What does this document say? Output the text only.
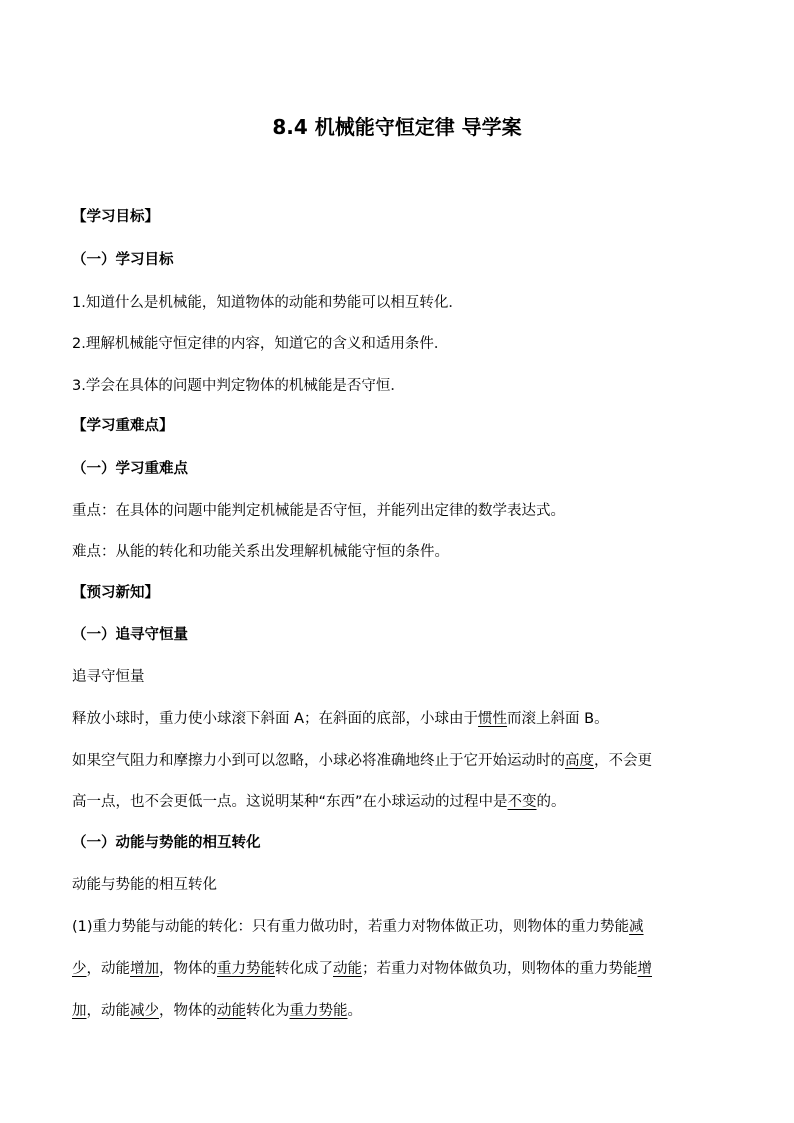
8.4 机械能守恒定律 导学案
【学习目标】
（一）学习目标
1.知道什么是机械能，知道物体的动能和势能可以相互转化．
2.理解机械能守恒定律的内容，知道它的含义和适用条件．
3.学会在具体的问题中判定物体的机械能是否守恒．
【学习重难点】
（一）学习重难点
重点：在具体的问题中能判定机械能是否守恒，并能列出定律的数学表达式。
难点：从能的转化和功能关系出发理解机械能守恒的条件。
【预习新知】
（一）追寻守恒量
追寻守恒量
释放小球时，重力使小球滚下斜面 A；在斜面的底部，小球由于惯性而滚上斜面 B。
如果空气阻力和摩擦力小到可以忽略，小球必将准确地终止于它开始运动时的高度，不会更
高一点，也不会更低一点。这说明某种“东西”在小球运动的过程中是不变的。
（一）动能与势能的相互转化
动能与势能的相互转化
(1)重力势能与动能的转化：只有重力做功时，若重力对物体做正功，则物体的重力势能减
少，动能增加，物体的重力势能转化成了动能；若重力对物体做负功，则物体的重力势能增
加，动能减少，物体的动能转化为重力势能。
